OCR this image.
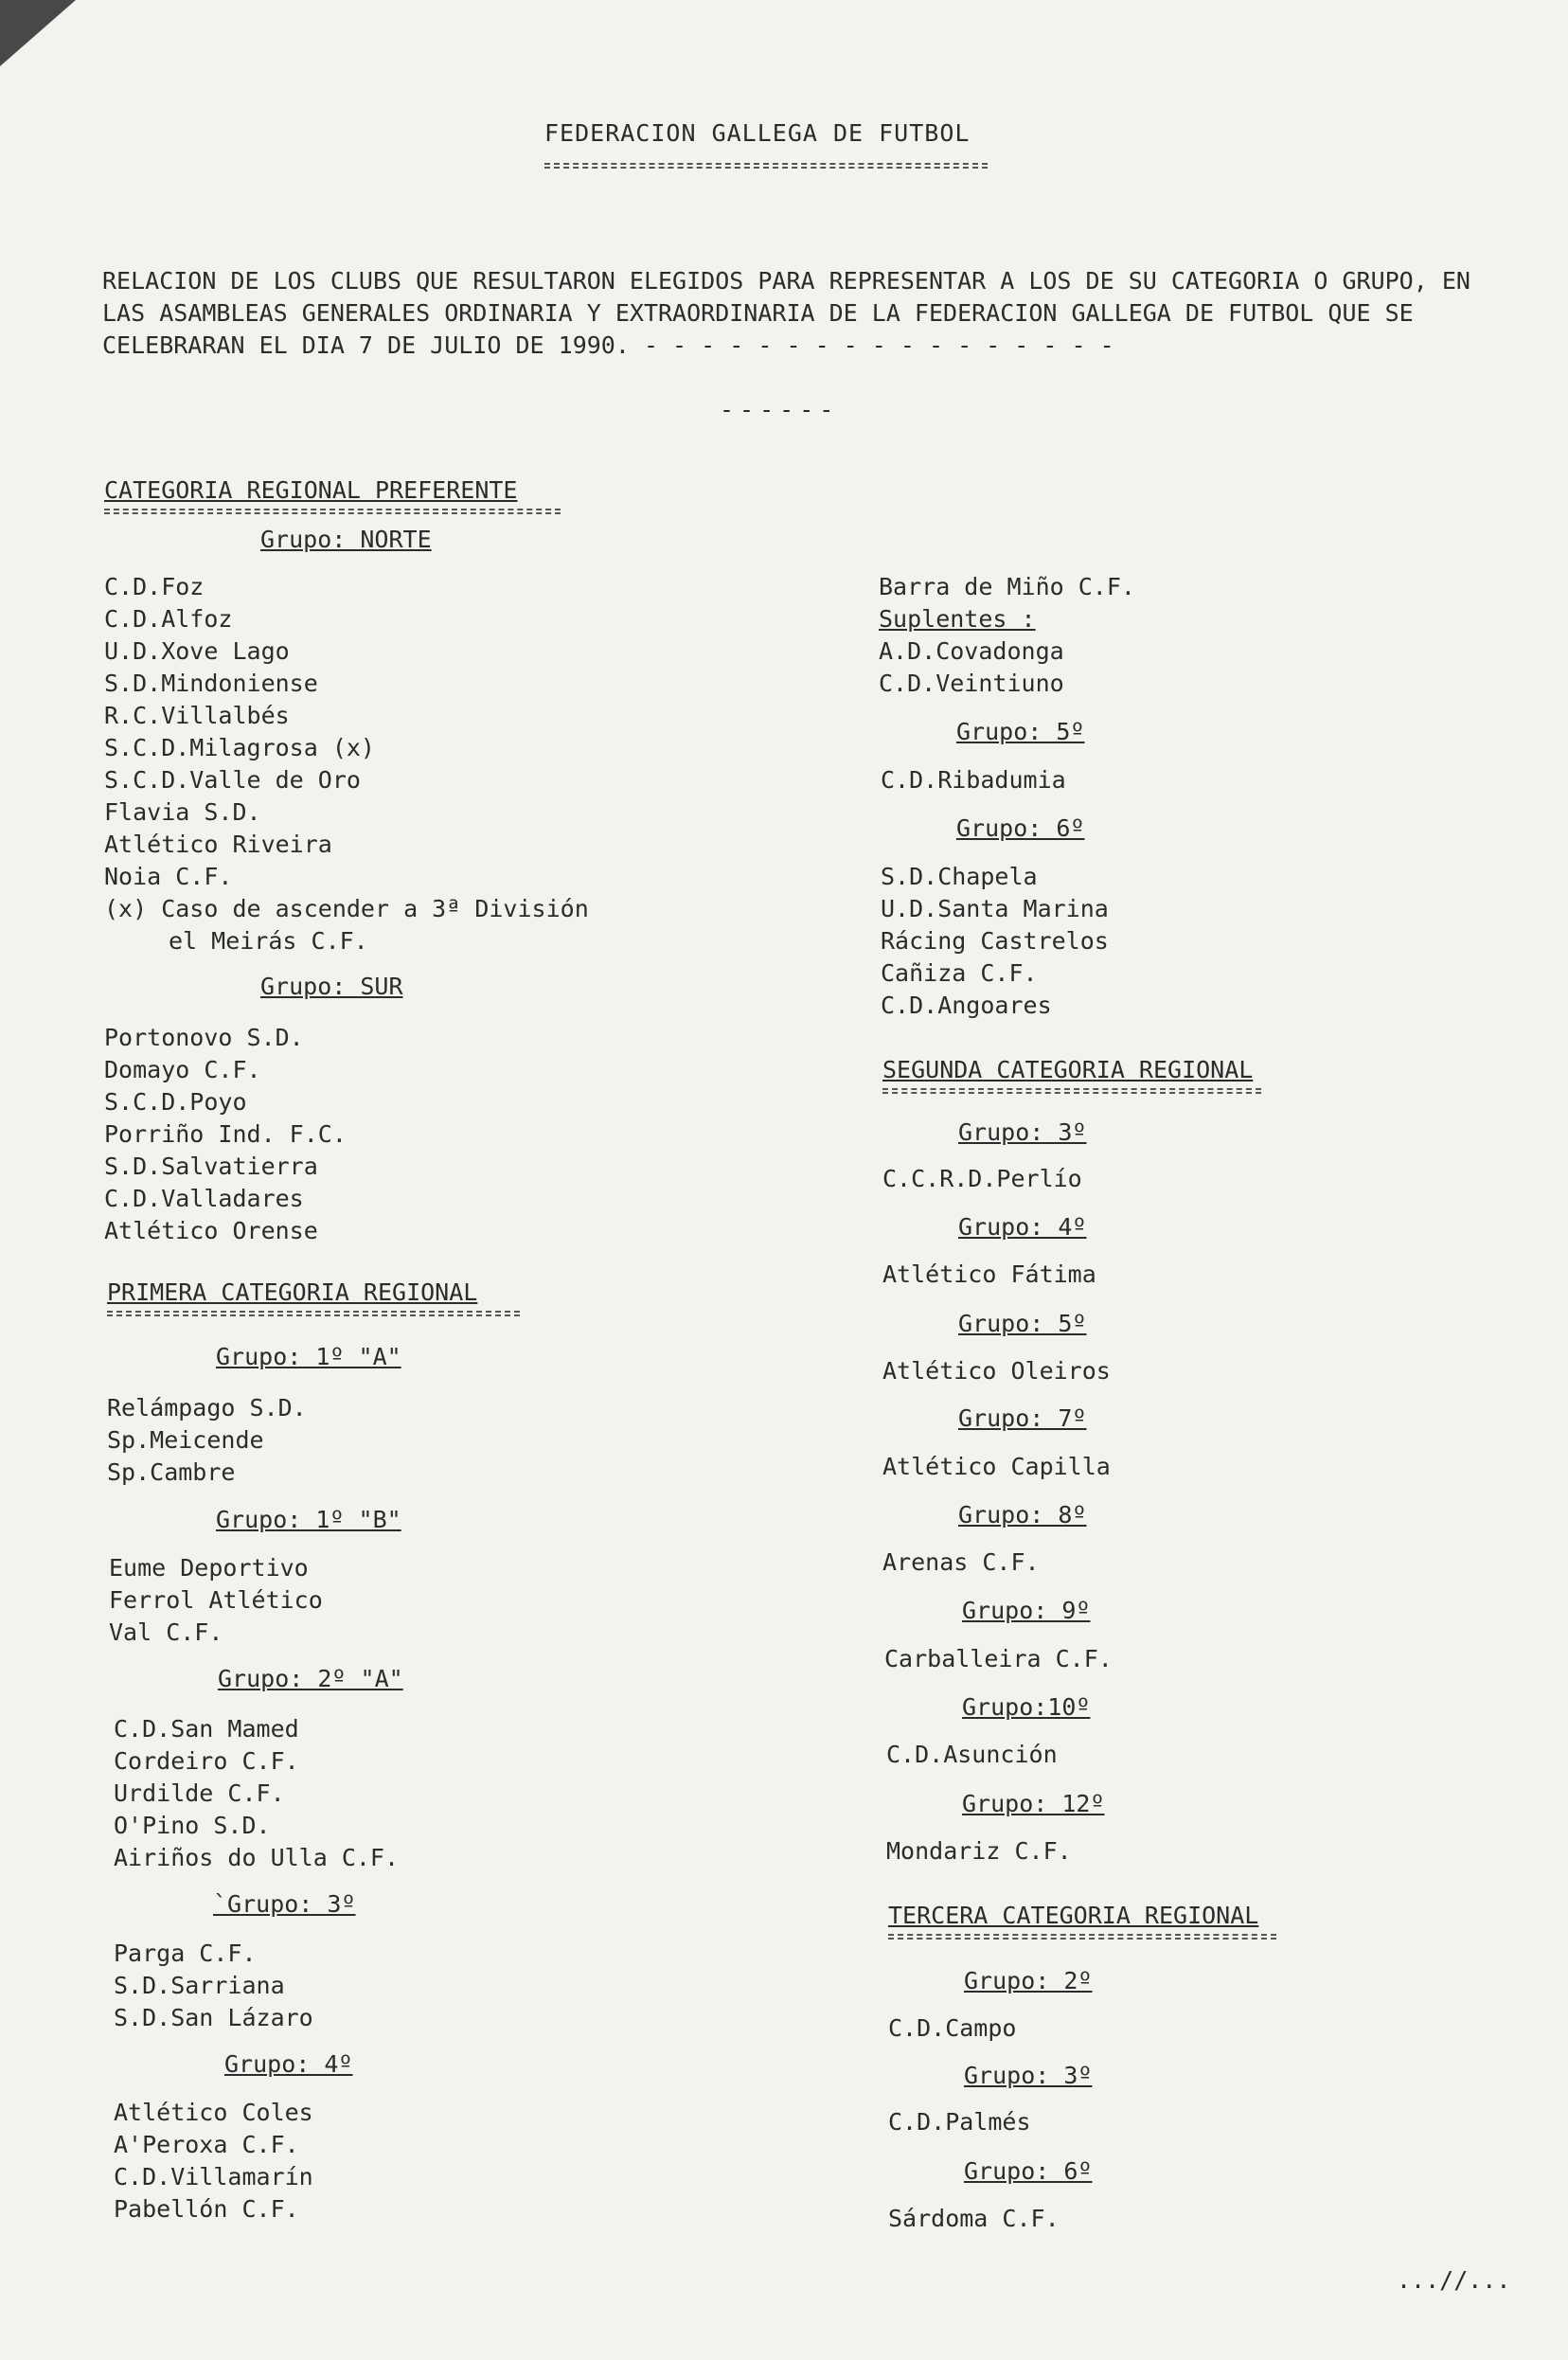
FEDERACION GALLEGA DE FUTBOL
RELACION DE LOS CLUBS QUE RESULTARON ELEGIDOS PARA REPRESENTAR A LOS DE SU CATEGORIA O GRUPO, EN LAS ASAMBLEAS GENERALES ORDINARIA Y EXTRAORDINARIA DE LA FEDERACION GALLEGA DE FUTBOL QUE SE CELEBRARAN EL DIA 7 DE JULIO DE 1990. - - - - - - - - - - - - - - - - -
------
CATEGORIA REGIONAL PREFERENTE
Grupo: NORTE
C.D.Foz
C.D.Alfoz
U.D.Xove Lago
S.D.Mindoniense
R.C.Villalbés
S.C.D.Milagrosa (x)
S.C.D.Valle de Oro
Flavia S.D.
Atlético Riveira
Noia C.F.
(x) Caso de ascender a 3ª División
el Meirás C.F.
Grupo: SUR
Portonovo S.D.
Domayo C.F.
S.C.D.Poyo
Porriño Ind. F.C.
S.D.Salvatierra
C.D.Valladares
Atlético Orense
PRIMERA CATEGORIA REGIONAL
Grupo: 1º "A"
Relámpago S.D.
Sp.Meicende
Sp.Cambre
Grupo: 1º "B"
Eume Deportivo
Ferrol Atlético
Val C.F.
Grupo: 2º "A"
C.D.San Mamed
Cordeiro C.F.
Urdilde C.F.
O'Pino S.D.
Airiños do Ulla C.F.
`Grupo: 3º
Parga C.F.
S.D.Sarriana
S.D.San Lázaro
Grupo: 4º
Atlético Coles
A'Peroxa C.F.
C.D.Villamarín
Pabellón C.F.
Barra de Miño C.F.
Suplentes :
A.D.Covadonga
C.D.Veintiuno
Grupo: 5º
C.D.Ribadumia
Grupo: 6º
S.D.Chapela
U.D.Santa Marina
Rácing Castrelos
Cañiza C.F.
C.D.Angoares
SEGUNDA CATEGORIA REGIONAL
Grupo: 3º
C.C.R.D.Perlío
Grupo: 4º
Atlético Fátima
Grupo: 5º
Atlético Oleiros
Grupo: 7º
Atlético Capilla
Grupo: 8º
Arenas C.F.
Grupo: 9º
Carballeira C.F.
Grupo:10º
C.D.Asunción
Grupo: 12º
Mondariz C.F.
TERCERA CATEGORIA REGIONAL
Grupo: 2º
C.D.Campo
Grupo: 3º
C.D.Palmés
Grupo: 6º
Sárdoma C.F.
...//...
